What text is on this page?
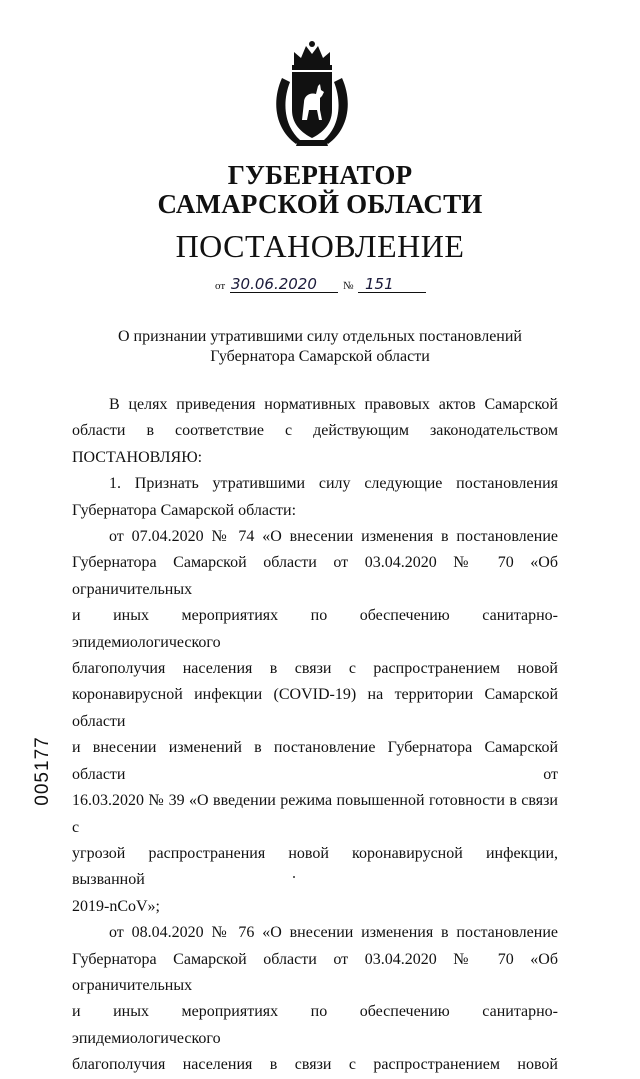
ГУБЕРНАТОР
САМАРСКОЙ ОБЛАСТИ
ПОСТАНОВЛЕНИЕ
от 30.06.2020 № 151
О признании утратившими силу отдельных постановлений
Губернатора Самарской области

В целях приведения нормативных правовых актов Самарской

области в соответствие с действующим законодательством

ПОСТАНОВЛЯЮ:

1. Признать утратившими силу следующие постановления

Губернатора Самарской области:

от 07.04.2020 № 74 «О внесении изменения в постановление

Губернатора Самарской области от 03.04.2020 № 70 «Об ограничительных

и иных мероприятиях по обеспечению санитарно-эпидемиологического

благополучия населения в связи с распространением новой

коронавирусной инфекции (COVID-19) на территории Самарской области

и внесении изменений в постановление Губернатора Самарской области от

16.03.2020 № 39 «О введении режима повышенной готовности в связи с

угрозой распространения новой коронавирусной инфекции, вызванной

2019-nCoV»;

от 08.04.2020 № 76 «О внесении изменения в постановление

Губернатора Самарской области от 03.04.2020 № 70 «Об ограничительных

и иных мероприятиях по обеспечению санитарно-эпидемиологического

благополучия населения в связи с распространением новой

005177
